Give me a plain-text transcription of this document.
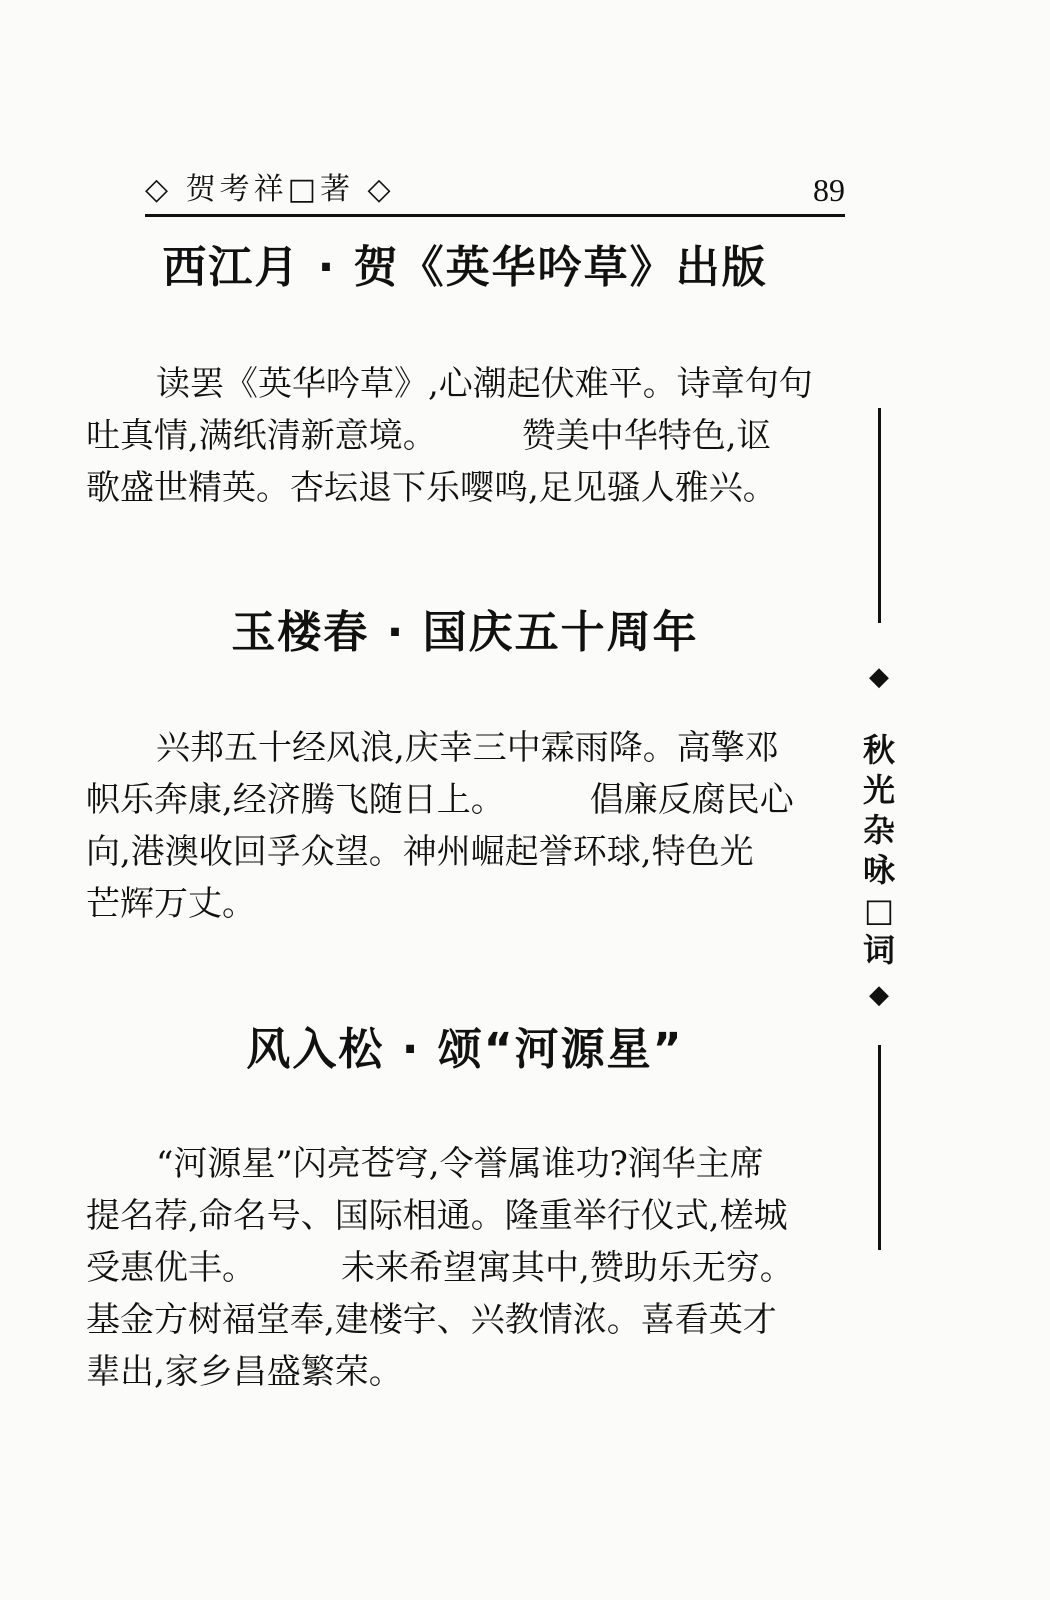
◇ 贺考祥□著 ◇	89
西江月 · 贺《英华吟草》出版
读罢《英华吟草》,心潮起伏难平。诗章句句
吐真情,满纸清新意境。　　　赞美中华特色,讴
歌盛世精英。杏坛退下乐嘤鸣,足见骚人雅兴。
玉楼春 · 国庆五十周年
兴邦五十经风浪,庆幸三中霖雨降。高擎邓
帜乐奔康,经济腾飞随日上。　　　倡廉反腐民心
向,港澳收回孚众望。神州崛起誉环球,特色光
芒辉万丈。
风入松 · 颂“河源星”
“河源星”闪亮苍穹,令誉属谁功?润华主席
提名荐,命名号、国际相通。隆重举行仪式,槎城
受惠优丰。　　　未来希望寓其中,赞助乐无穷。
基金方树福堂奉,建楼宇、兴教情浓。喜看英才
辈出,家乡昌盛繁荣。
◆
秋
光
杂
咏
□
词
◆
